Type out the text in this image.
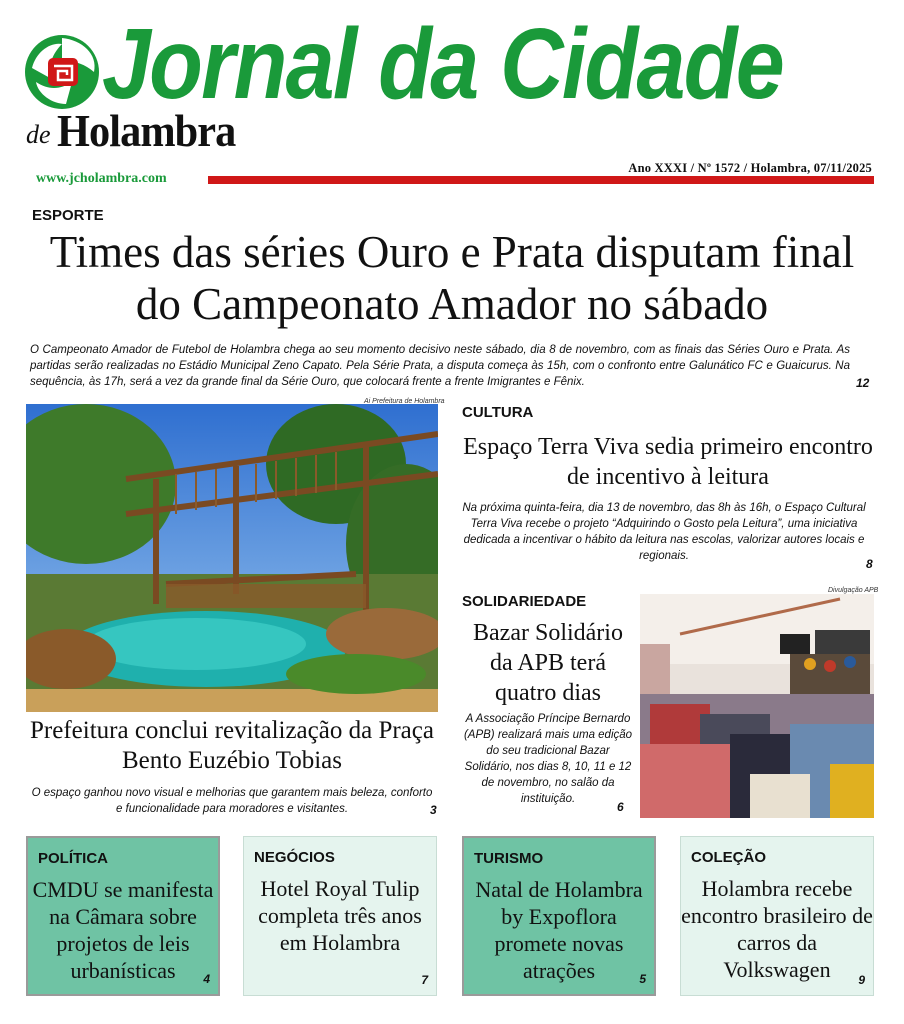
Jornal da Cidade
de Holambra
www.jcholambra.com
Ano XXXI / Nº 1572 / Holambra, 07/11/2025
ESPORTE
Times das séries Ouro e Prata disputam final do Campeonato Amador no sábado
O Campeonato Amador de Futebol de Holambra chega ao seu momento decisivo neste sábado, dia 8 de novembro, com as finais das Séries Ouro e Prata. As partidas serão realizadas no Estádio Municipal Zeno Capato. Pela Série Prata, a disputa começa às 15h, com o confronto entre Galunático FC e Guaicurus. Na sequência, às 17h, será a vez da grande final da Série Ouro, que colocará frente a frente Imigrantes e Fênix.	12
Ai Prefeitura de Holambra
CULTURA
Espaço Terra Viva sedia primeiro encontro de incentivo à leitura
Na próxima quinta-feira, dia 13 de novembro, das 8h às 16h, o Espaço Cultural Terra Viva recebe o projeto “Adquirindo o Gosto pela Leitura”, uma iniciativa dedicada a incentivar o hábito da leitura nas escolas, valorizar autores locais e regionais.
8
SOLIDARIEDADE
Bazar Solidário da APB terá quatro dias
A Associação Príncipe Bernardo (APB) realizará mais uma edição do seu tradicional Bazar Solidário, nos dias 8, 10, 11 e 12 de novembro, no salão da instituição.
6
Divulgação APB
Prefeitura conclui revitalização da Praça Bento Euzébio Tobias
O espaço ganhou novo visual e melhorias que garantem mais beleza, conforto e funcionalidade para moradores e visitantes.	3
POLÍTICA
CMDU se manifesta na Câmara sobre projetos de leis urbanísticas	4
NEGÓCIOS
Hotel Royal Tulip completa três anos em Holambra
7
TURISMO
Natal de Holambra by Expoflora promete novas atrações	5
COLEÇÃO
Holambra recebe encontro brasileiro de carros da Volkswagen	9
